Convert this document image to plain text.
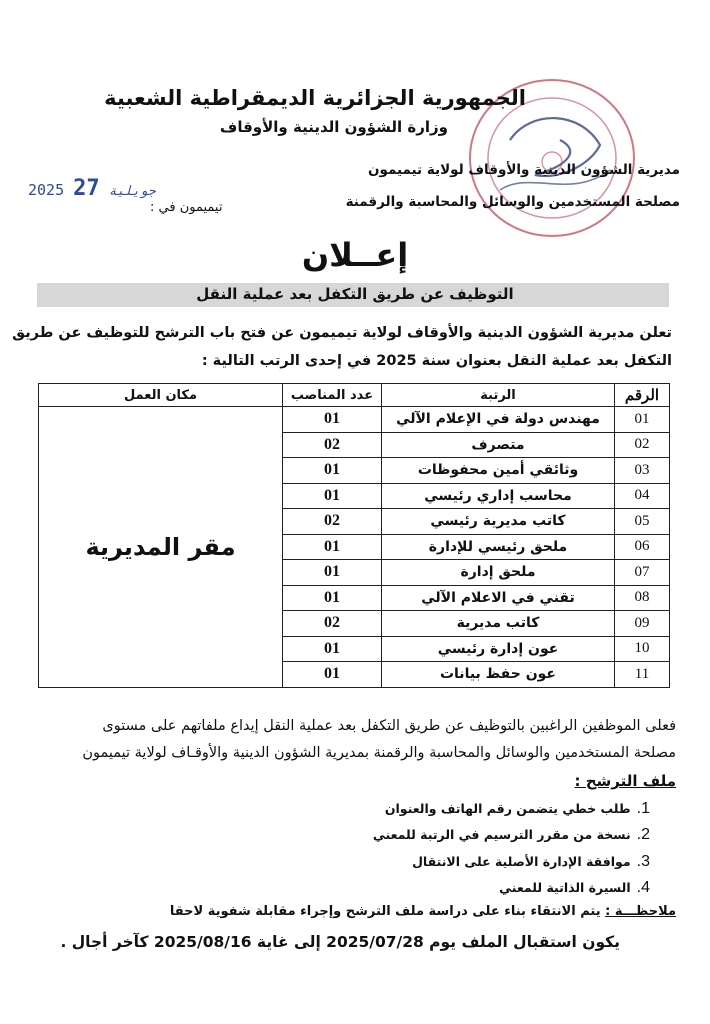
الجمهورية الجزائرية الديمقراطية الشعبية
وزارة الشؤون الدينية والأوقاف
مديرية الشؤون الدينية والأوقاف لولاية تيميمون
مصلحة المستخدمين والوسائل والمحاسبة والرقمنة
2025	جويلية 27
تيميمون في :
إعــلان
التوظيف عن طريق التكفل بعد عملية النقل
تعلن مديرية الشؤون الدينية والأوقاف لولاية تيميمون عن فتح باب الترشح للتوظيف عن طريق
التكفل بعد عملية النقل بعنوان سنة 2025 في إحدى الرتب التالية :
الرقم	الرتبة	عدد المناصب	مكان العمل
01	مهندس دولة في الإعلام الآلي	01	مقر المديرية
02	متصرف	02	
03	وثائقي أمين محفوظات	01	
04	محاسب إداري رئيسي	01	
05	كاتب مديرية رئيسي	02	
06	ملحق رئيسي للإدارة	01	
07	ملحق إدارة	01	
08	تقني في الاعلام الآلي	01	
09	كاتب مديرية	02	
10	عون إدارة رئيسي	01	
11	عون حفظ بيانات	01	
فعلى الموظفين الراغبين بالتوظيف عن طريق التكفل بعد عملية النقل إيداع ملفاتهم على مستوى
مصلحة المستخدمين والوسائل والمحاسبة والرقمنة بمديرية الشؤون الدينية والأوقـاف لولاية تيميمون
ملف الترشح :
1.
طلب خطي يتضمن رقم الهاتف والعنوان
2.
نسخة من مقرر الترسيم في الرتبة للمعني
3.
موافقة الإدارة الأصلية على الانتقال
4.
السيرة الذاتية للمعني
ملاحظـــة : يتم الانتقاء بناء على دراسة ملف الترشح وإجراء مقابلة شفوية لاحقا
يكون استقبال الملف يوم 2025/07/28 إلى غاية 2025/08/16 كآخر أجال .
